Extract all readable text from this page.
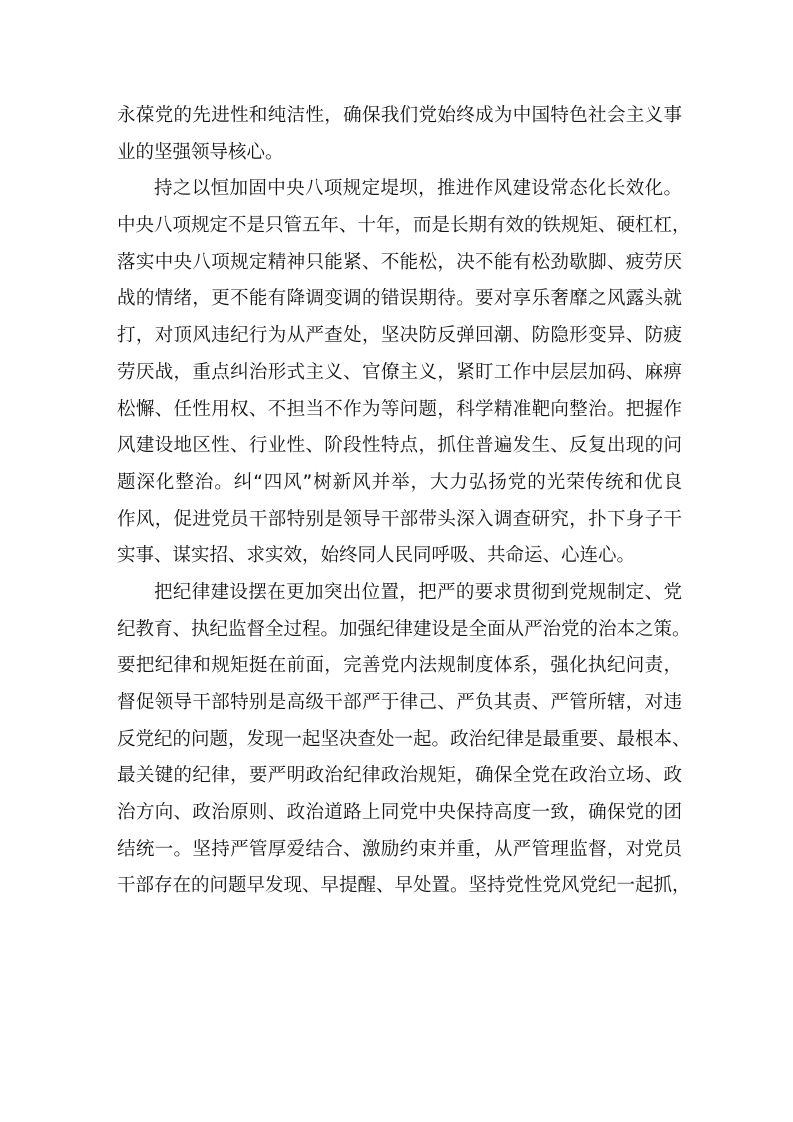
永葆党的先进性和纯洁性，确保我们党始终成为中国特色社会主义事
业的坚强领导核心。
持之以恒加固中央八项规定堤坝，推进作风建设常态化长效化。
中央八项规定不是只管五年、十年，而是长期有效的铁规矩、硬杠杠，
落实中央八项规定精神只能紧、不能松，决不能有松劲歇脚、疲劳厌
战的情绪，更不能有降调变调的错误期待。要对享乐奢靡之风露头就
打，对顶风违纪行为从严查处，坚决防反弹回潮、防隐形变异、防疲
劳厌战，重点纠治形式主义、官僚主义，紧盯工作中层层加码、麻痹
松懈、任性用权、不担当不作为等问题，科学精准靶向整治。把握作
风建设地区性、行业性、阶段性特点，抓住普遍发生、反复出现的问
题深化整治。纠“四风”树新风并举，大力弘扬党的光荣传统和优良
作风，促进党员干部特别是领导干部带头深入调查研究，扑下身子干
实事、谋实招、求实效，始终同人民同呼吸、共命运、心连心。
把纪律建设摆在更加突出位置，把严的要求贯彻到党规制定、党
纪教育、执纪监督全过程。加强纪律建设是全面从严治党的治本之策。
要把纪律和规矩挺在前面，完善党内法规制度体系，强化执纪问责，
督促领导干部特别是高级干部严于律己、严负其责、严管所辖，对违
反党纪的问题，发现一起坚决查处一起。政治纪律是最重要、最根本、
最关键的纪律，要严明政治纪律政治规矩，确保全党在政治立场、政
治方向、政治原则、政治道路上同党中央保持高度一致，确保党的团
结统一。坚持严管厚爱结合、激励约束并重，从严管理监督，对党员
干部存在的问题早发现、早提醒、早处置。坚持党性党风党纪一起抓，
